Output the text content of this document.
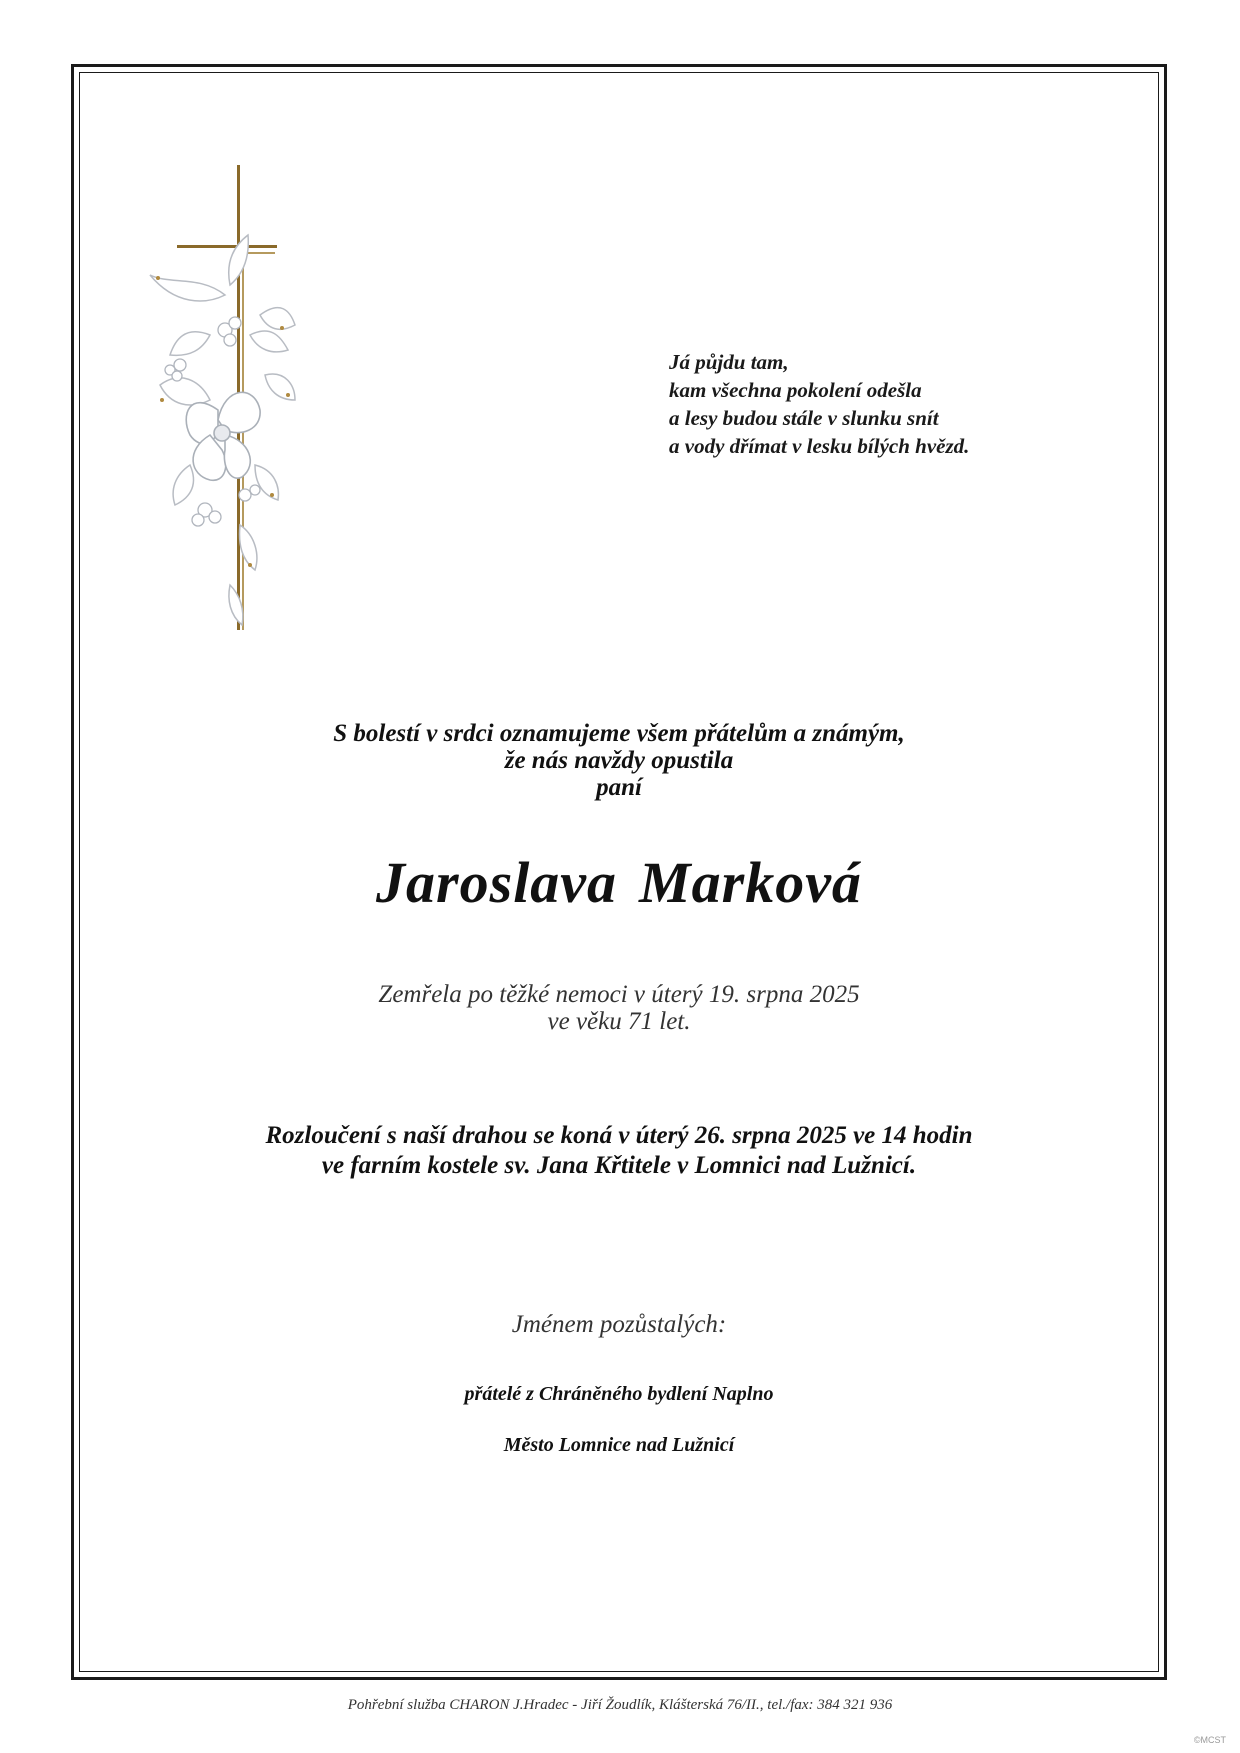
Já půjdu tam,
kam všechna pokolení odešla
a lesy budou stále v slunku snít
a vody dřímat v lesku bílých hvězd.
S bolestí v srdci oznamujeme všem přátelům a známým,
že nás navždy opustila
paní
Jaroslava Marková
Zemřela po těžké nemoci v úterý 19. srpna 2025
ve věku 71 let.
Rozloučení s naší drahou se koná v úterý 26. srpna 2025 ve 14 hodin
ve farním kostele sv. Jana Křtitele v Lomnici nad Lužnicí.
Jménem pozůstalých:
přátelé z Chráněného bydlení Naplno
Město Lomnice nad Lužnicí
Pohřební služba CHARON J.Hradec - Jiří Žoudlík, Klášterská 76/II., tel./fax: 384 321 936
©MCST
